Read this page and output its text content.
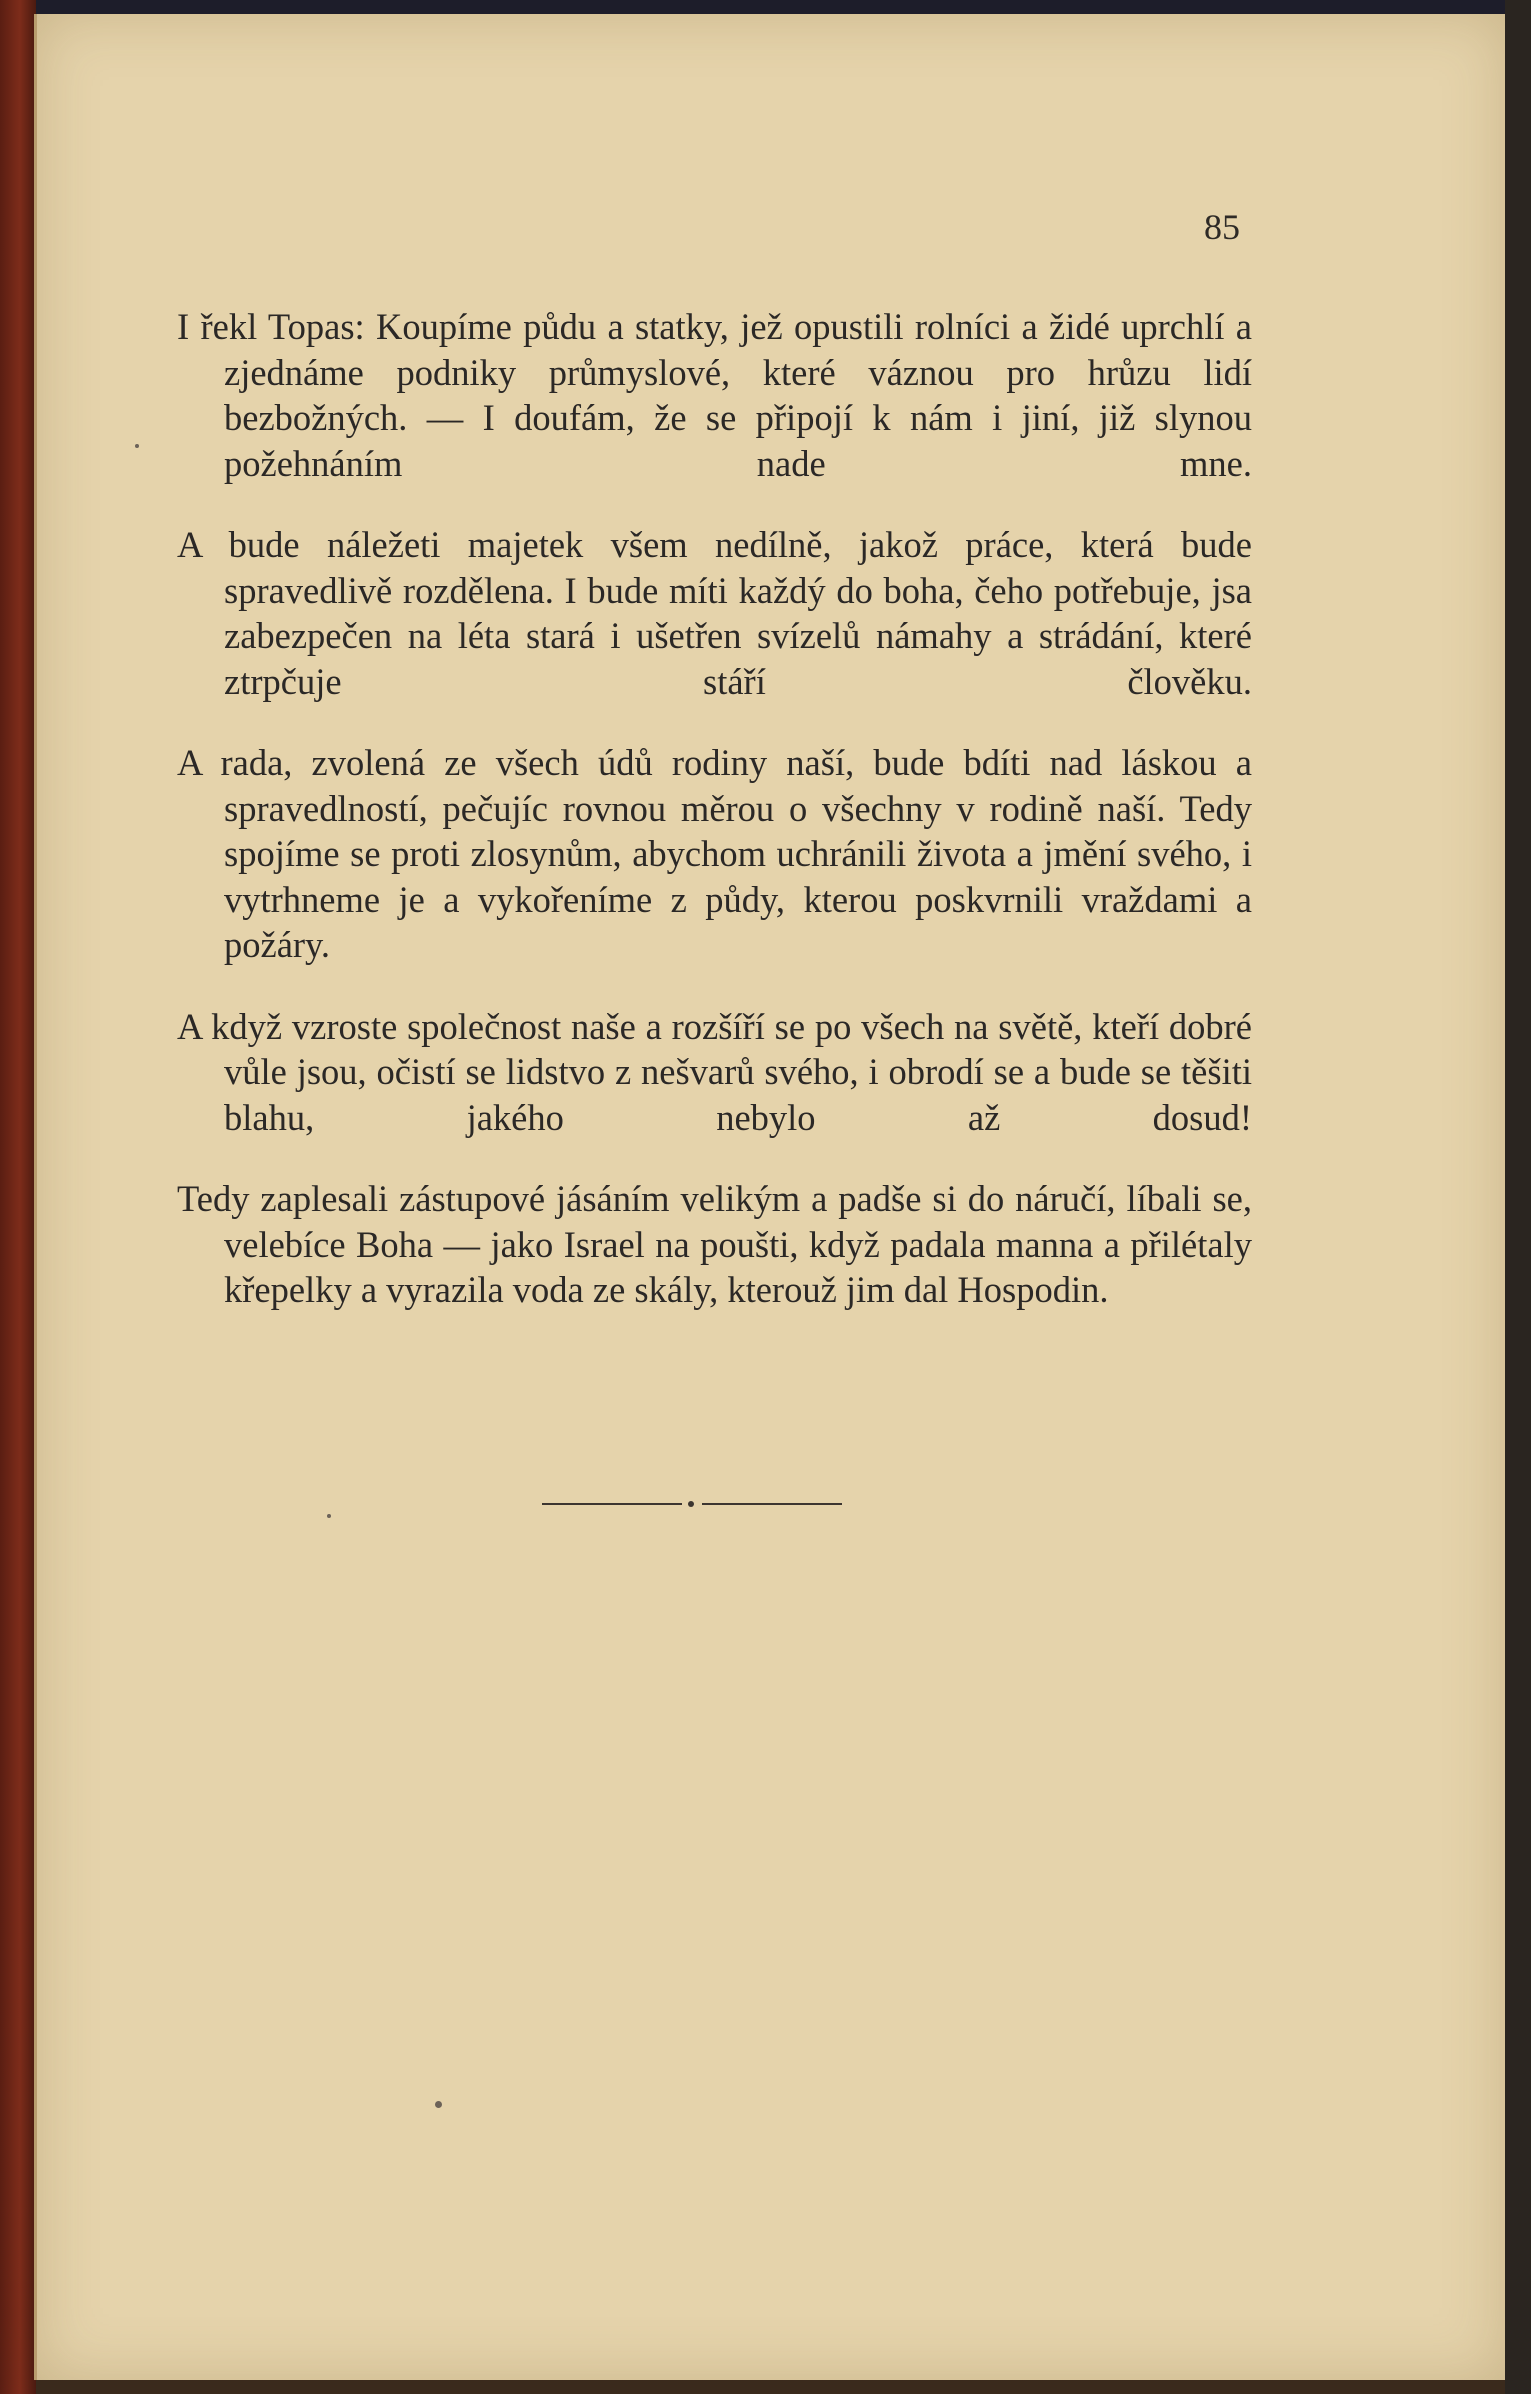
85

I řekl Topas: Koupíme půdu a statky, jež opustili rolníci a židé uprchlí a zjednáme podniky průmyslové, které váznou pro hrůzu lidí bezbožných. — I doufám, že se připojí k nám i jiní, již slynou požehnáním nade mne.

A bude náležeti majetek všem nedílně, jakož práce, která bude spravedlivě rozdělena. I bude míti každý do boha, čeho potřebuje, jsa zabezpečen na léta stará i ušetřen svízelů námahy a strádání, které ztrpčuje stáří člověku.

A rada, zvolená ze všech údů rodiny naší, bude bdíti nad láskou a spravedlností, pečujíc rovnou měrou o všechny v rodině naší. Tedy spojíme se proti zlosynům, abychom uchránili života a jmění svého, i vytrhneme je a vykořeníme z půdy, kterou poskvrnili vraždami a požáry.

A když vzroste společnost naše a rozšíří se po všech na světě, kteří dobré vůle jsou, očistí se lidstvo z nešvarů svého, i obrodí se a bude se těšiti blahu, jakého nebylo až dosud!

Tedy zaplesali zástupové jásáním velikým a padše si do náručí, líbali se, velebíce Boha — jako Israel na poušti, když padala manna a přilétaly křepelky a vyrazila voda ze skály, kterouž jim dal Hospodin.
